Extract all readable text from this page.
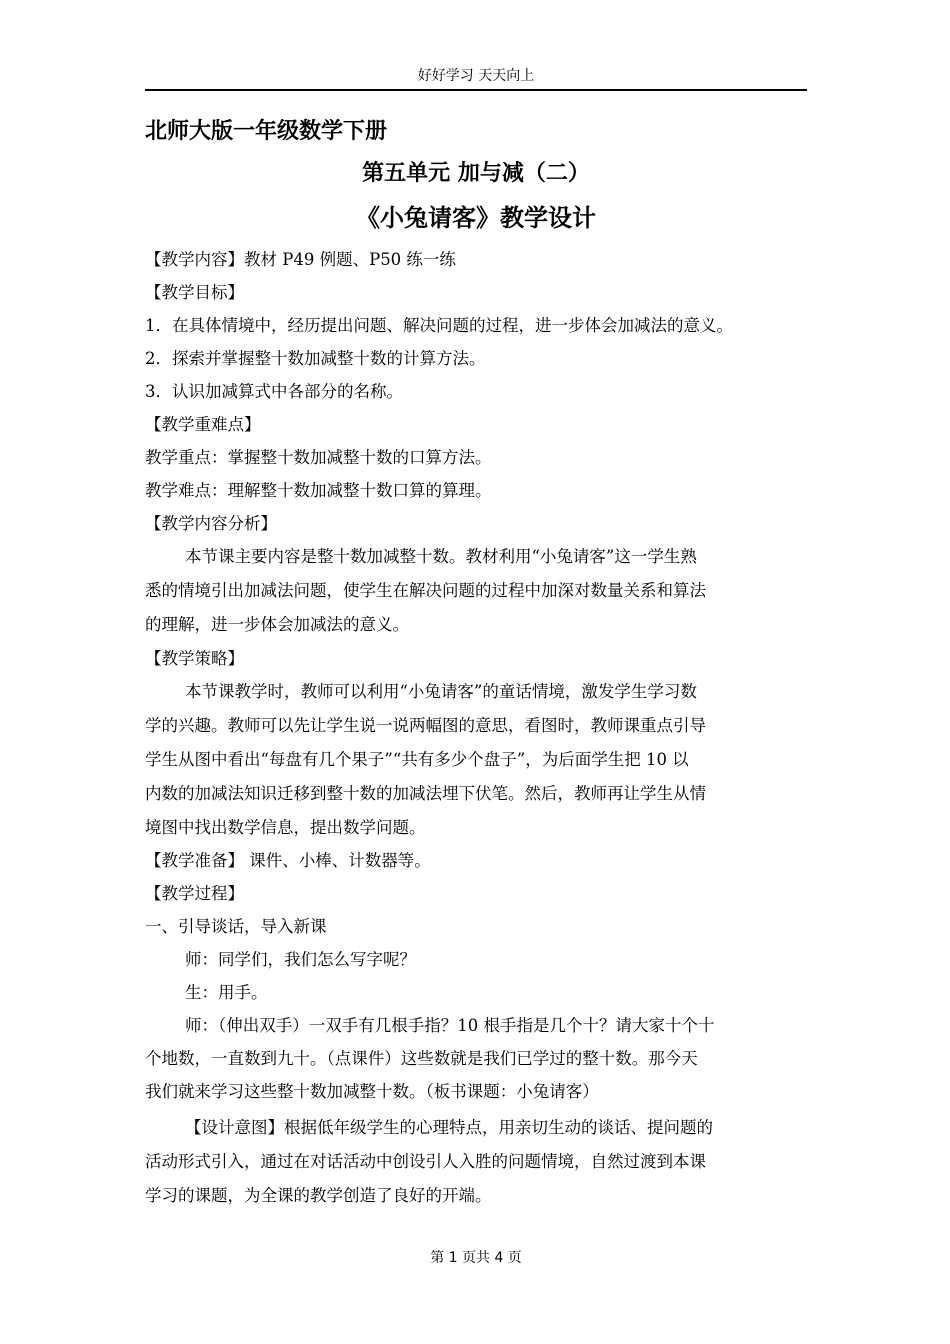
好好学习 天天向上
北师大版一年级数学下册
第五单元 加与减（二）
《小兔请客》教学设计
【教学内容】教材 P49 例题、P50 练一练
【教学目标】
1．在具体情境中，经历提出问题、解决问题的过程，进一步体会加减法的意义。
2．探索并掌握整十数加减整十数的计算方法。
3．认识加减算式中各部分的名称。
【教学重难点】
教学重点：掌握整十数加减整十数的口算方法。
教学难点：理解整十数加减整十数口算的算理。
【教学内容分析】
本节课主要内容是整十数加减整十数。教材利用“小兔请客”这一学生熟
悉的情境引出加减法问题，使学生在解决问题的过程中加深对数量关系和算法
的理解，进一步体会加减法的意义。
【教学策略】
本节课教学时，教师可以利用“小兔请客”的童话情境，激发学生学习数
学的兴趣。教师可以先让学生说一说两幅图的意思，看图时，教师课重点引导
学生从图中看出“每盘有几个果子”“共有多少个盘子”，为后面学生把 10 以
内数的加减法知识迁移到整十数的加减法埋下伏笔。然后，教师再让学生从情
境图中找出数学信息，提出数学问题。
【教学准备】 课件、小棒、计数器等。
【教学过程】
一、引导谈话，导入新课
师：同学们，我们怎么写字呢？
生：用手。
师：（伸出双手）一双手有几根手指？10 根手指是几个十？请大家十个十
个地数，一直数到九十。（点课件）这些数就是我们已学过的整十数。那今天
我们就来学习这些整十数加减整十数。（板书课题：小兔请客）
【设计意图】根据低年级学生的心理特点，用亲切生动的谈话、提问题的
活动形式引入，通过在对话活动中创设引人入胜的问题情境，自然过渡到本课
学习的课题，为全课的教学创造了良好的开端。
第 1 页共 4 页
